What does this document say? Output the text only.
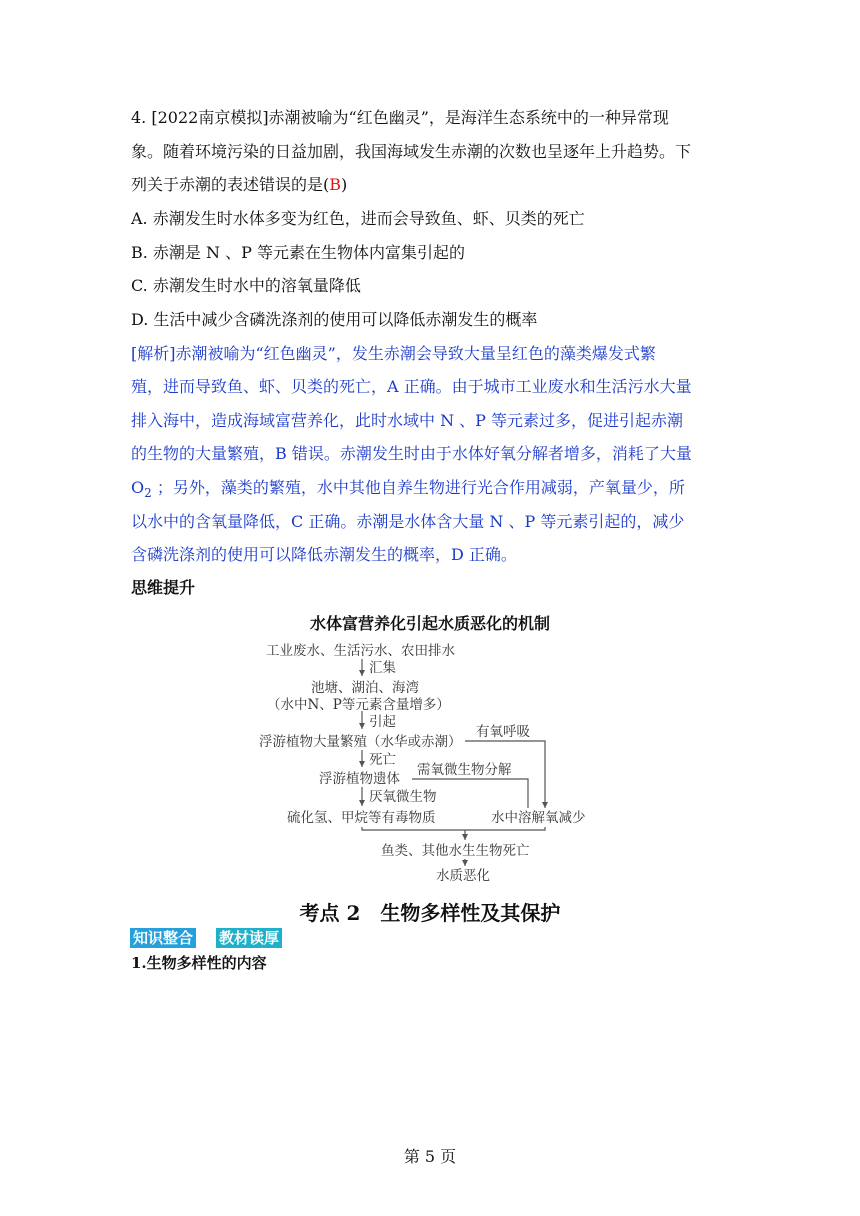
4. [2022南京模拟]赤潮被喻为“红色幽灵”，是海洋生态系统中的一种异常现
象。随着环境污染的日益加剧，我国海域发生赤潮的次数也呈逐年上升趋势。下
列关于赤潮的表述错误的是(B)
A. 赤潮发生时水体多变为红色，进而会导致鱼、虾、贝类的死亡
B. 赤潮是 N 、P 等元素在生物体内富集引起的
C. 赤潮发生时水中的溶氧量降低
D. 生活中减少含磷洗涤剂的使用可以降低赤潮发生的概率
[解析]赤潮被喻为“红色幽灵”，发生赤潮会导致大量呈红色的藻类爆发式繁
殖，进而导致鱼、虾、贝类的死亡，A 正确。由于城市工业废水和生活污水大量
排入海中，造成海域富营养化，此时水域中 N 、P 等元素过多，促进引起赤潮
的生物的大量繁殖，B 错误。赤潮发生时由于水体好氧分解者增多，消耗了大量
$O_2$ ；另外，藻类的繁殖，水中其他自养生物进行光合作用减弱，产氧量少，所
以水中的含氧量降低，C 正确。赤潮是水体含大量 N 、P 等元素引起的，减少
含磷洗涤剂的使用可以降低赤潮发生的概率，D 正确。
思维提升
水体富营养化引起水质恶化的机制
工业废水、生活污水、农田排水
汇集
池塘、湖泊、海湾
（水中N、P等元素含量增多）
引起
浮游植物大量繁殖（水华或赤潮）
有氧呼吸
死亡
浮游植物遗体
需氧微生物分解
厌氧微生物
硫化氢、甲烷等有毒物质	水中溶解氧减少
鱼类、其他水生生物死亡
水质恶化
考点 2　生物多样性及其保护
知识整合 教材读厚
1.生物多样性的内容
第 5 页
